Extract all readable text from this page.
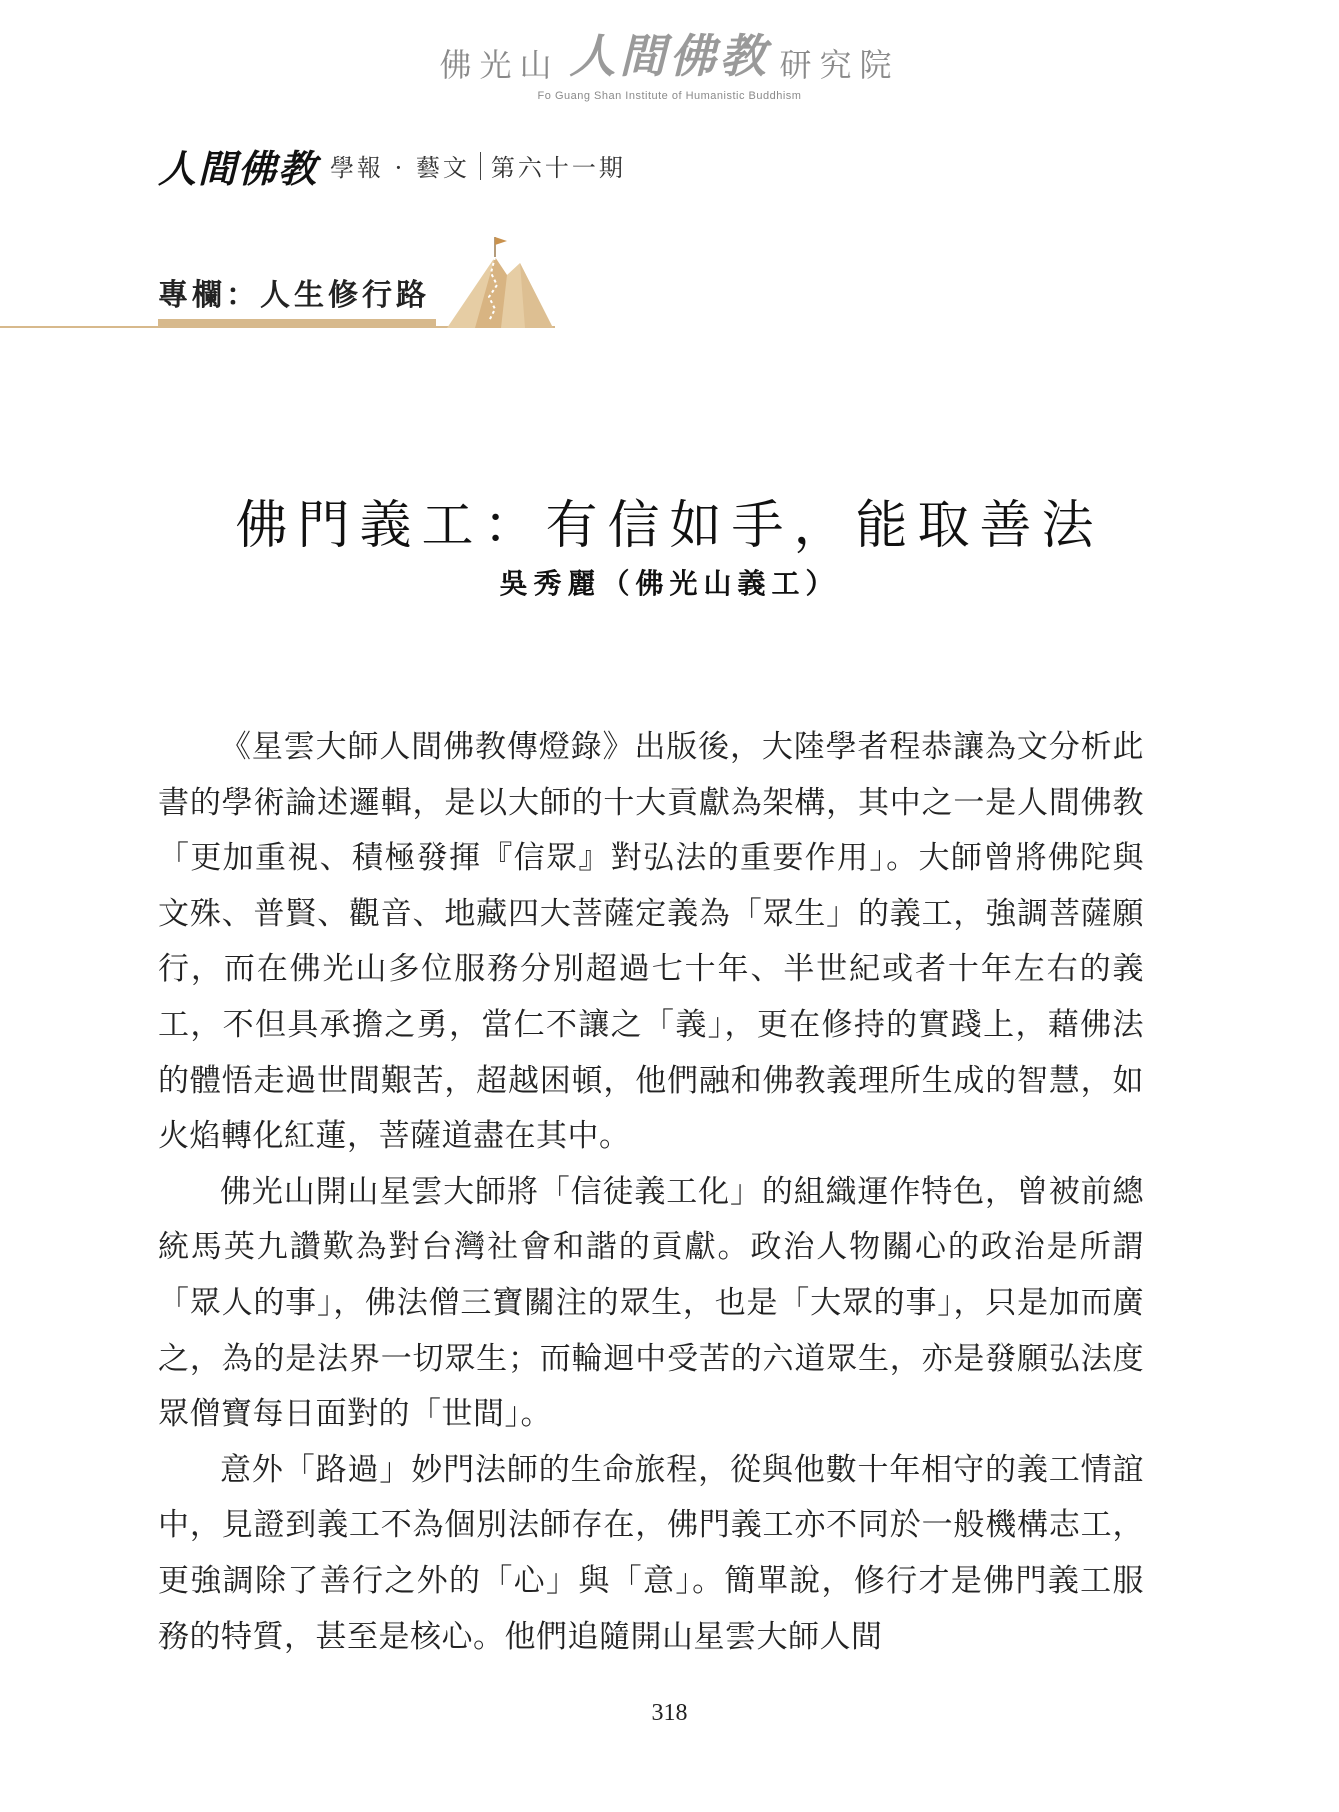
佛光山 人間佛教 研究院
Fo Guang Shan Institute of Humanistic Buddhism
人間佛教 學報 · 藝文 第六十一期
專欄：人生修行路
佛門義工：有信如手，能取善法
吳秀麗（佛光山義工）

《星雲大師人間佛教傳燈錄》出版後，大陸學者程恭讓為文分析此書的學術論述邏輯，是以大師的十大貢獻為架構，其中之一是人間佛教「更加重視、積極發揮『信眾』對弘法的重要作用」。大師曾將佛陀與文殊、普賢、觀音、地藏四大菩薩定義為「眾生」的義工，強調菩薩願行，而在佛光山多位服務分別超過七十年、半世紀或者十年左右的義工，不但具承擔之勇，當仁不讓之「義」，更在修持的實踐上，藉佛法的體悟走過世間艱苦，超越困頓，他們融和佛教義理所生成的智慧，如火焰轉化紅蓮，菩薩道盡在其中。

佛光山開山星雲大師將「信徒義工化」的組織運作特色，曾被前總統馬英九讚歎為對台灣社會和諧的貢獻。政治人物關心的政治是所謂「眾人的事」，佛法僧三寶關注的眾生，也是「大眾的事」，只是加而廣之，為的是法界一切眾生；而輪迴中受苦的六道眾生，亦是發願弘法度眾僧寶每日面對的「世間」。

意外「路過」妙門法師的生命旅程，從與他數十年相守的義工情誼中，見證到義工不為個別法師存在，佛門義工亦不同於一般機構志工，更強調除了善行之外的「心」與「意」。簡單說，修行才是佛門義工服務的特質，甚至是核心。他們追隨開山星雲大師人間

318
